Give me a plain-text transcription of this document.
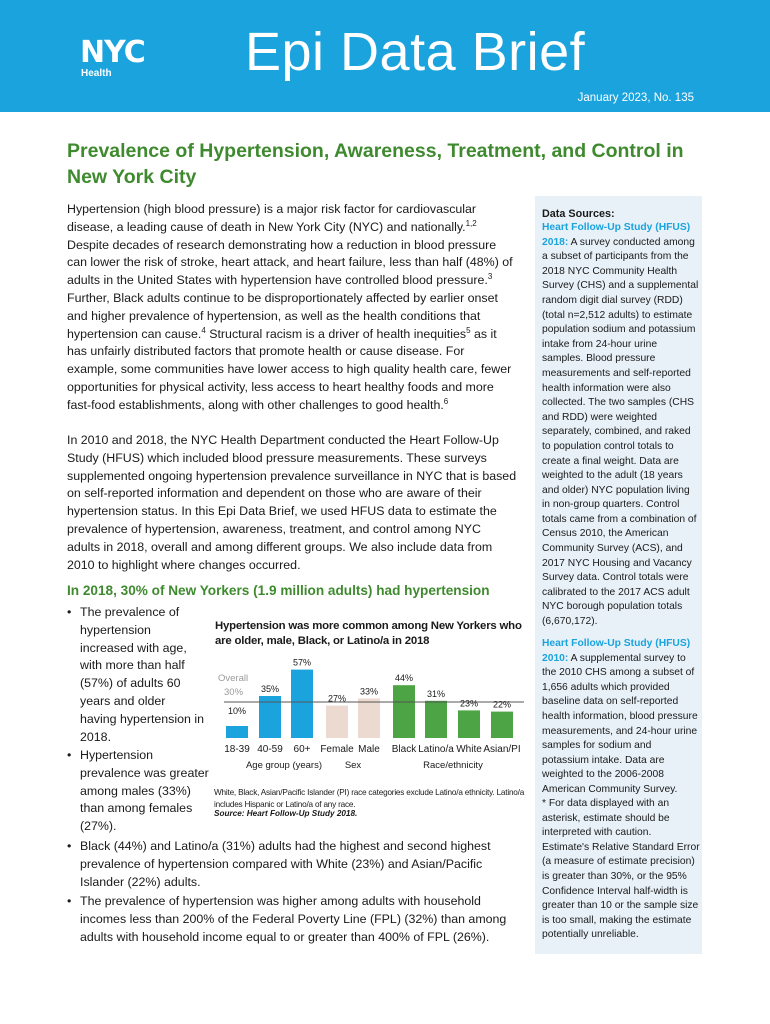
NYC
Health Epi Data Brief
January 2023, No. 135
Prevalence of Hypertension, Awareness, Treatment, and Control in New York City

Hypertension (high blood pressure) is a major risk factor for cardiovascular disease, a leading cause of death in New York City (NYC) and nationally.$^{1,2}$ Despite decades of research demonstrating how a reduction in blood pressure can lower the risk of stroke, heart attack, and heart failure, less than half (48%) of adults in the United States with hypertension have controlled blood pressure.$^3$ Further, Black adults continue to be disproportionately affected by earlier onset and higher prevalence of hypertension, as well as the health conditions that hypertension can cause.$^4$ Structural racism is a driver of health inequities$^5$ as it has unfairly distributed factors that promote health or cause disease. For example, some communities have lower access to high quality health care, fewer opportunities for physical activity, less access to heart healthy foods and more fast-food establishments, along with other challenges to good health.$^6$

In 2010 and 2018, the NYC Health Department conducted the Heart Follow-Up Study (HFUS) which included blood pressure measurements. These surveys supplemented ongoing hypertension prevalence surveillance in NYC that is based on self-reported information and dependent on those who are aware of their hypertension status. In this Epi Data Brief, we used HFUS data to estimate the prevalence of hypertension, awareness, treatment, and control among NYC adults in 2018, overall and among different groups. We also include data from 2010 to highlight where changes occurred.

In 2018, 30% of New Yorkers (1.9 million adults) had hypertension
• The prevalence of hypertension increased with age, with more than half (57%) of adults 60 years and older having hypertension in 2018.
• Hypertension prevalence was greater among males (33%) than among females (27%).
• Black (44%) and Latino/a (31%) adults had the highest and second highest prevalence of hypertension compared with White (23%) and Asian/Pacific Islander (22%) adults.
• The prevalence of hypertension was higher among adults with household incomes less than 200% of the Federal Poverty Line (FPL) (32%) than among adults with household income equal to or greater than 400% of FPL (26%).
Hypertension was more common among New Yorkers who are older, male, Black, or Latino/a in 2018
Overall
30%
10%
35%
57%
27%
33%
44%
31%
23% 22%
18-39 40-59 60+ Female Male Black Latino/a White Asian/PI
Age group (years) Sex	Race/ethnicity
White, Black, Asian/Pacific Islander (PI) race categories exclude Latino/a ethnicity. Latino/a includes Hispanic or Latino/a of any race.
Source: Heart Follow-Up Study 2018.
Data Sources:
Heart Follow-Up Study (HFUS) 2018: A survey conducted among a subset of participants from the 2018 NYC Community Health Survey (CHS) and a supplemental random digit dial survey (RDD) (total n=2,512 adults) to estimate population sodium and potassium intake from 24-hour urine samples. Blood pressure measurements and self-reported health information were also collected. The two samples (CHS and RDD) were weighted separately, combined, and raked to population control totals to create a final weight. Data are weighted to the adult (18 years and older) NYC population living in non-group quarters. Control totals came from a combination of Census 2010, the American Community Survey (ACS), and 2017 NYC Housing and Vacancy Survey data. Control totals were calibrated to the 2017 ACS adult NYC borough population totals (6,670,172).
Heart Follow-Up Study (HFUS) 2010: A supplemental survey to the 2010 CHS among a subset of 1,656 adults which provided baseline data on self-reported health information, blood pressure measurements, and 24-hour urine samples for sodium and potassium intake. Data are weighted to the 2006-2008 American Community Survey.
* For data displayed with an asterisk, estimate should be interpreted with caution. Estimate's Relative Standard Error (a measure of estimate precision) is greater than 30%, or the 95% Confidence Interval half-width is greater than 10 or the sample size is too small, making the estimate potentially unreliable.
